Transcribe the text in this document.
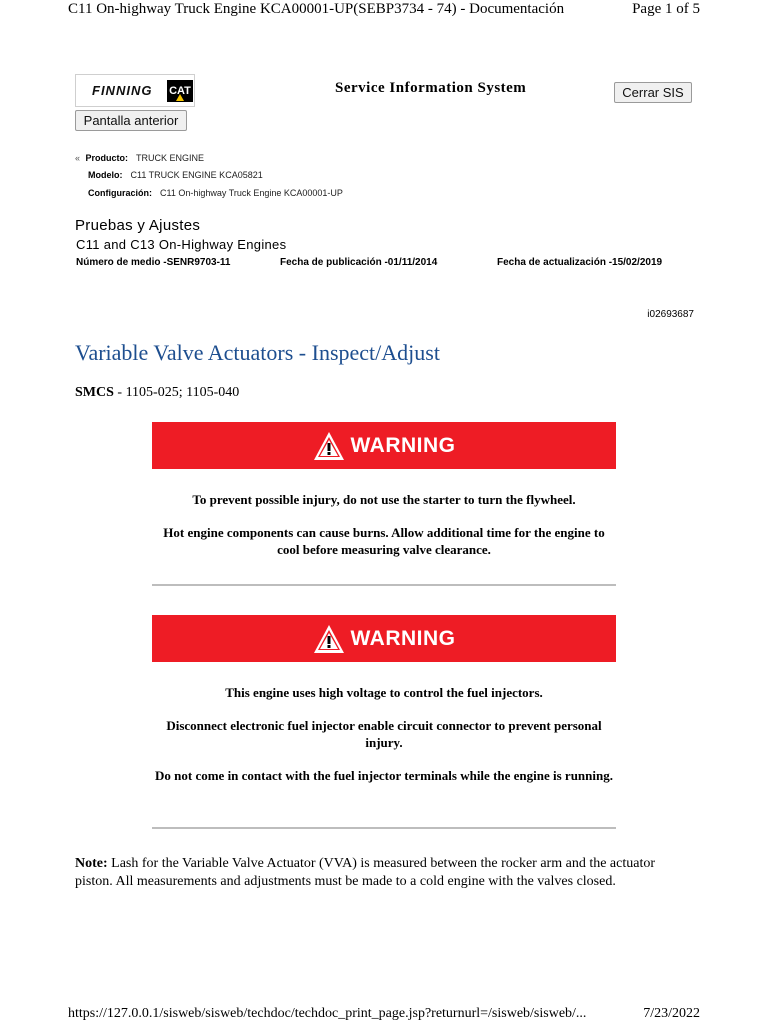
C11 On-highway Truck Engine KCA00001-UP(SEBP3734 - 74) - Documentación	Page 1 of 5
FINNING CAT	Service Information System	Cerrar SIS
Pantalla anterior
« Producto: TRUCK ENGINE
Modelo: C11 TRUCK ENGINE KCA05821
Configuración: C11 On-highway Truck Engine KCA00001-UP
Pruebas y Ajustes
C11 and C13 On-Highway Engines
Número de medio -SENR9703-11	Fecha de publicación -01/11/2014	Fecha de actualización -15/02/2019
i02693687
Variable Valve Actuators - Inspect/Adjust
SMCS - 1105-025; 1105-040
WARNING
To prevent possible injury, do not use the starter to turn the flywheel.
Hot engine components can cause burns. Allow additional time for the engine to cool before measuring valve clearance.
WARNING
This engine uses high voltage to control the fuel injectors.
Disconnect electronic fuel injector enable circuit connector to prevent personal injury.
Do not come in contact with the fuel injector terminals while the engine is running.
Note: Lash for the Variable Valve Actuator (VVA) is measured between the rocker arm and the actuator piston. All measurements and adjustments must be made to a cold engine with the valves closed.
https://127.0.0.1/sisweb/sisweb/techdoc/techdoc_print_page.jsp?returnurl=/sisweb/sisweb/...	7/23/2022
